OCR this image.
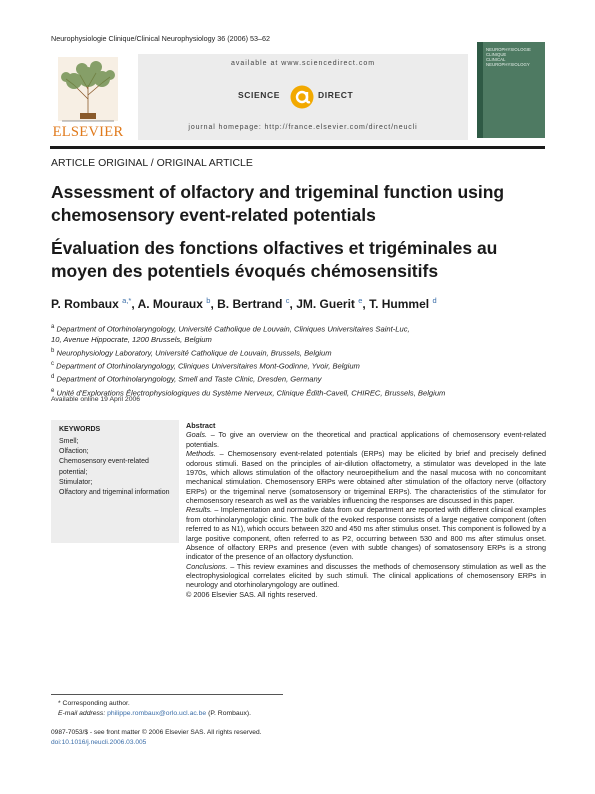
Neurophysiologie Clinique/Clinical Neurophysiology 36 (2006) 53–62
ELSEVIER
available at www.sciencedirect.com
SCIENCE	DIRECT
journal homepage: http://france.elsevier.com/direct/neucli
NEUROPHYSIOLOGIE
CLINIQUE
CLINICAL
NEUROPHYSIOLOGY
ARTICLE ORIGINAL / ORIGINAL ARTICLE
Assessment of olfactory and trigeminal function using chemosensory event-related potentials
Évaluation des fonctions olfactives et trigéminales au moyen des potentiels évoqués chémosensitifs
P. Rombaux $^{a,*}$, A. Mouraux $^b$, B. Bertrand $^c$, JM. Guerit $^e$, T. Hummel $^d$
$^a$ Department of Otorhinolaryngology, Université Catholique de Louvain, Cliniques Universitaires Saint-Luc,
10, Avenue Hippocrate, 1200 Brussels, Belgium
$^b$ Neurophysiology Laboratory, Université Catholique de Louvain, Brussels, Belgium
$^c$ Department of Otorhinolaryngology, Cliniques Universitaires Mont-Godinne, Yvoir, Belgium
$^d$ Department of Otorhinolaryngology, Smell and Taste Clinic, Dresden, Germany
$^e$ Unité d'Explorations Électrophysiologiques du Système Nerveux, Clinique Édith-Cavell, CHIREC, Brussels, Belgium
Available online 19 April 2006
KEYWORDS
Smell;
Olfaction;
Chemosensory event-related potential;
Stimulator;
Olfactory and trigeminal information
Abstract

Goals. – To give an overview on the theoretical and practical applications of chemosensory event-related potentials.

Methods. – Chemosensory event-related potentials (ERPs) may be elicited by brief and precisely defined odorous stimuli. Based on the principles of air-dilution olfactometry, a stimulator was developed in the late 1970s, which allows stimulation of the olfactory neuroepithelium and the nasal mucosa with no concomitant mechanical stimulation. Chemosensory ERPs were obtained after stimulation of the olfactory nerve (olfactory ERPs) or the trigeminal nerve (somatosensory or trigeminal ERPs). The characteristics of the stimulator for chemosensory research as well as the variables influencing the responses are discussed in this paper.

Results. – Implementation and normative data from our department are reported with different clinical examples from otorhinolaryngologic clinic. The bulk of the evoked response consists of a large negative component (often referred to as N1), which occurs between 320 and 450 ms after stimulus onset. This component is followed by a large positive component, often referred to as P2, occurring between 530 and 800 ms after stimulus onset. Absence of olfactory ERPs and presence (even with subtle changes) of somatosensory ERPs is a strong indicator of the presence of an olfactory dysfunction.

Conclusions. – This review examines and discusses the methods of chemosensory stimulation as well as the electrophysiological correlates elicited by such stimuli. The clinical applications of chemosensory ERPs in neurology and otorhinolaryngology are outlined.

© 2006 Elsevier SAS. All rights reserved.

* Corresponding author.
E-mail address: philippe.rombaux@orlo.ucl.ac.be (P. Rombaux).
0987-7053/$ - see front matter © 2006 Elsevier SAS. All rights reserved.
doi:10.1016/j.neucli.2006.03.005
